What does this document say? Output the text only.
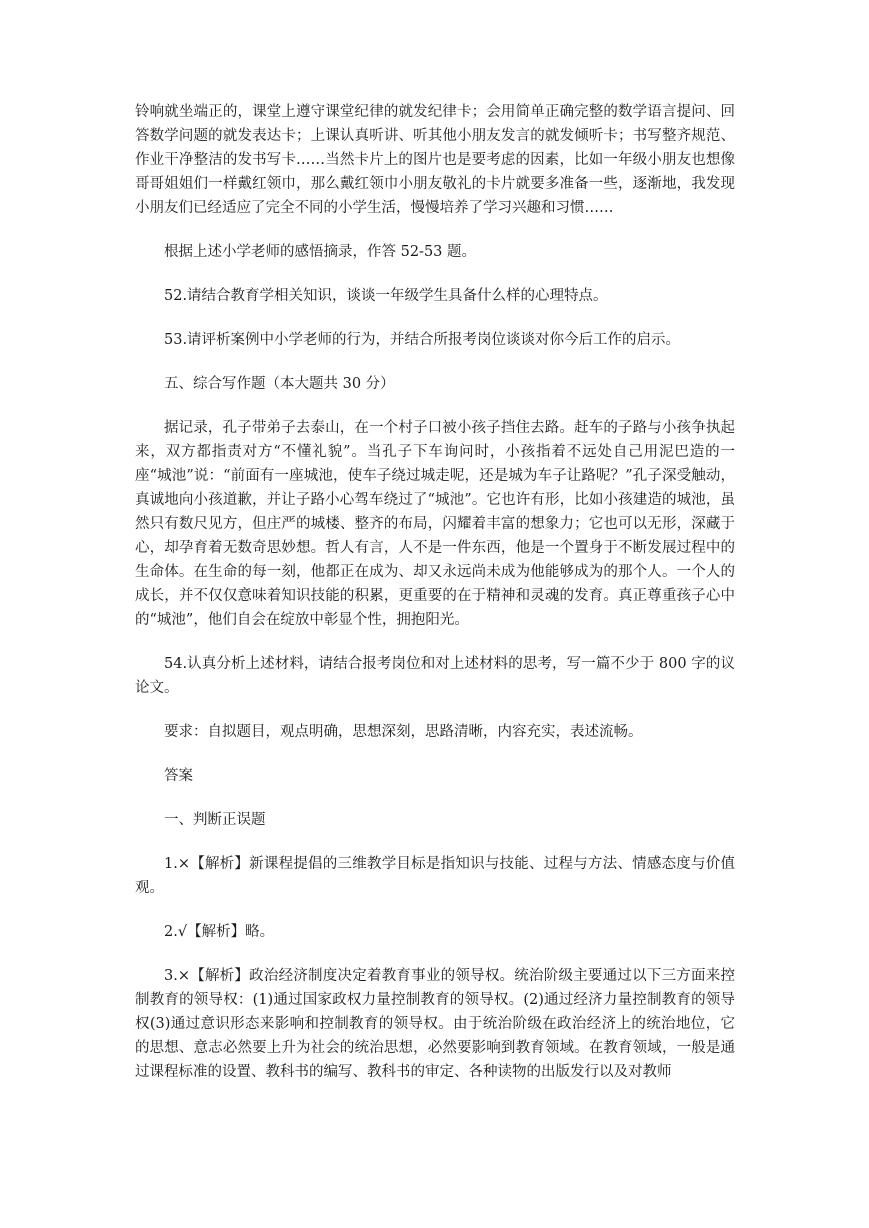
铃响就坐端正的，课堂上遵守课堂纪律的就发纪律卡；会用简单正确完整的数学语言提问、回答数学问题的就发表达卡；上课认真听讲、听其他小朋友发言的就发倾听卡；书写整齐规范、作业干净整洁的发书写卡……当然卡片上的图片也是要考虑的因素，比如一年级小朋友也想像哥哥姐姐们一样戴红领巾，那么戴红领巾小朋友敬礼的卡片就要多准备一些，逐渐地，我发现小朋友们已经适应了完全不同的小学生活，慢慢培养了学习兴趣和习惯……

根据上述小学老师的感悟摘录，作答 52-53 题。

52.请结合教育学相关知识，谈谈一年级学生具备什么样的心理特点。

53.请评析案例中小学老师的行为，并结合所报考岗位谈谈对你今后工作的启示。

五、综合写作题（本大题共 30 分）

据记录，孔子带弟子去泰山，在一个村子口被小孩子挡住去路。赶车的子路与小孩争执起来，双方都指责对方“不懂礼貌”。当孔子下车询问时，小孩指着不远处自己用泥巴造的一座“城池”说：“前面有一座城池，使车子绕过城走呢，还是城为车子让路呢？”孔子深受触动，真诚地向小孩道歉，并让子路小心驾车绕过了“城池”。它也许有形，比如小孩建造的城池，虽然只有数尺见方，但庄严的城楼、整齐的布局，闪耀着丰富的想象力；它也可以无形，深藏于心，却孕育着无数奇思妙想。哲人有言，人不是一件东西，他是一个置身于不断发展过程中的生命体。在生命的每一刻，他都正在成为、却又永远尚未成为他能够成为的那个人。一个人的成长，并不仅仅意味着知识技能的积累，更重要的在于精神和灵魂的发育。真正尊重孩子心中的“城池”，他们自会在绽放中彰显个性，拥抱阳光。

54.认真分析上述材料，请结合报考岗位和对上述材料的思考，写一篇不少于 800 字的议论文。

要求：自拟题目，观点明确，思想深刻，思路清晰，内容充实，表述流畅。

答案

一、判断正误题

1.×【解析】新课程提倡的三维教学目标是指知识与技能、过程与方法、情感态度与价值观。

2.√【解析】略。

3.×【解析】政治经济制度决定着教育事业的领导权。统治阶级主要通过以下三方面来控制教育的领导权：(1)通过国家政权力量控制教育的领导权。(2)通过经济力量控制教育的领导权(3)通过意识形态来影响和控制教育的领导权。由于统治阶级在政治经济上的统治地位，它的思想、意志必然要上升为社会的统治思想，必然要影响到教育领域。在教育领域，一般是通过课程标准的设置、教科书的编写、教科书的审定、各种读物的出版发行以及对教师
